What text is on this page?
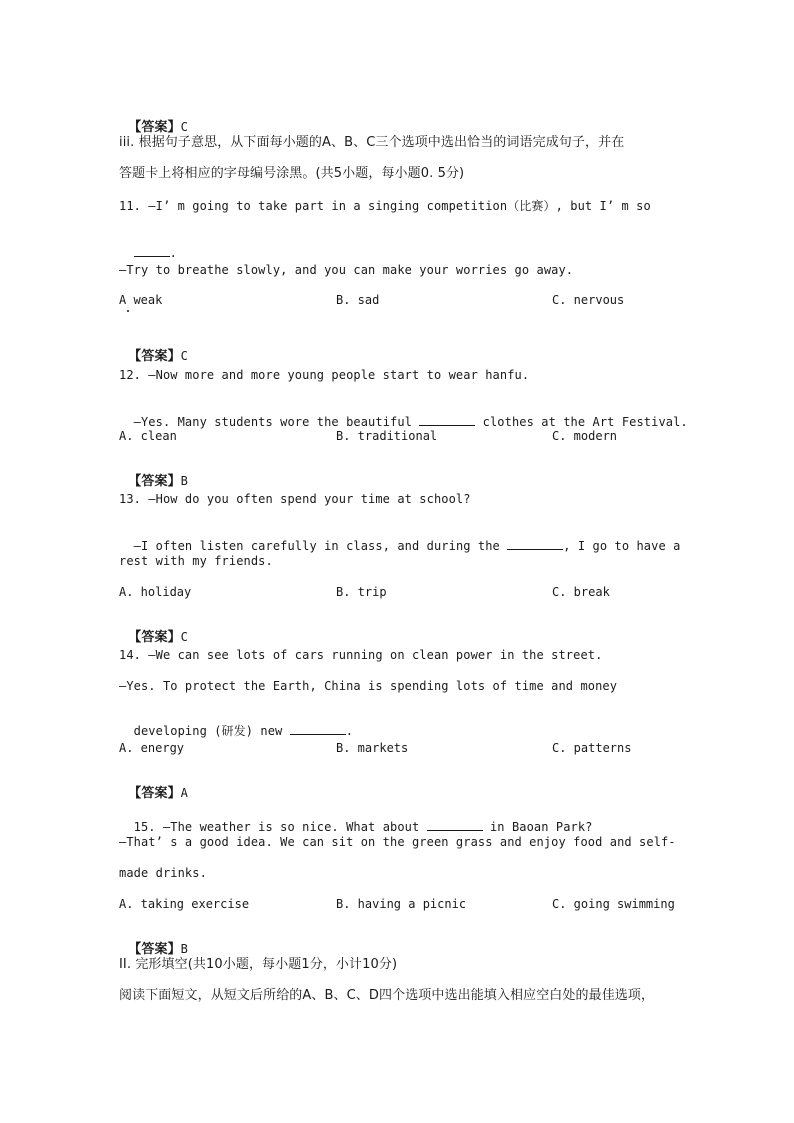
【答案】C

iii. 根据句子意思，从下面每小题的A、B、C三个选项中选出恰当的词语完成句子，并在
答题卡上将相应的字母编号涂黑。(共5小题，每小题0. 5分)
11. —I’ m going to take part in a singing competition（比赛）, but I’ m so

.

—Try to breathe slowly, and you can make your worries go away.
A weak	B. sad	C. nervous

【答案】C

12. —Now more and more young people start to wear hanfu.

—Yes. Many students wore the beautiful	clothes at the Art Festival.

A. clean	B. traditional	C. modern

【答案】B

13. —How do you often spend your time at school?

—I often listen carefully in class, and during the	, I go to have a

rest with my friends.
A. holiday	B. trip	C. break

【答案】C

14. —We can see lots of cars running on clean power in the street.
—Yes. To protect the Earth, China is spending lots of time and money

developing (研发) new	.

A. energy	B. markets	C. patterns

【答案】A

15. —The weather is so nice. What about	in Baoan Park?

—That’ s a good idea. We can sit on the green grass and enjoy food and self-
made drinks.
A. taking exercise	B. having a picnic	C. going swimming

【答案】B

II. 完形填空(共10小题，每小题1分，小计10分)
阅读下面短文，从短文后所给的A、B、C、D四个选项中选出能填入相应空白处的最佳选项，
